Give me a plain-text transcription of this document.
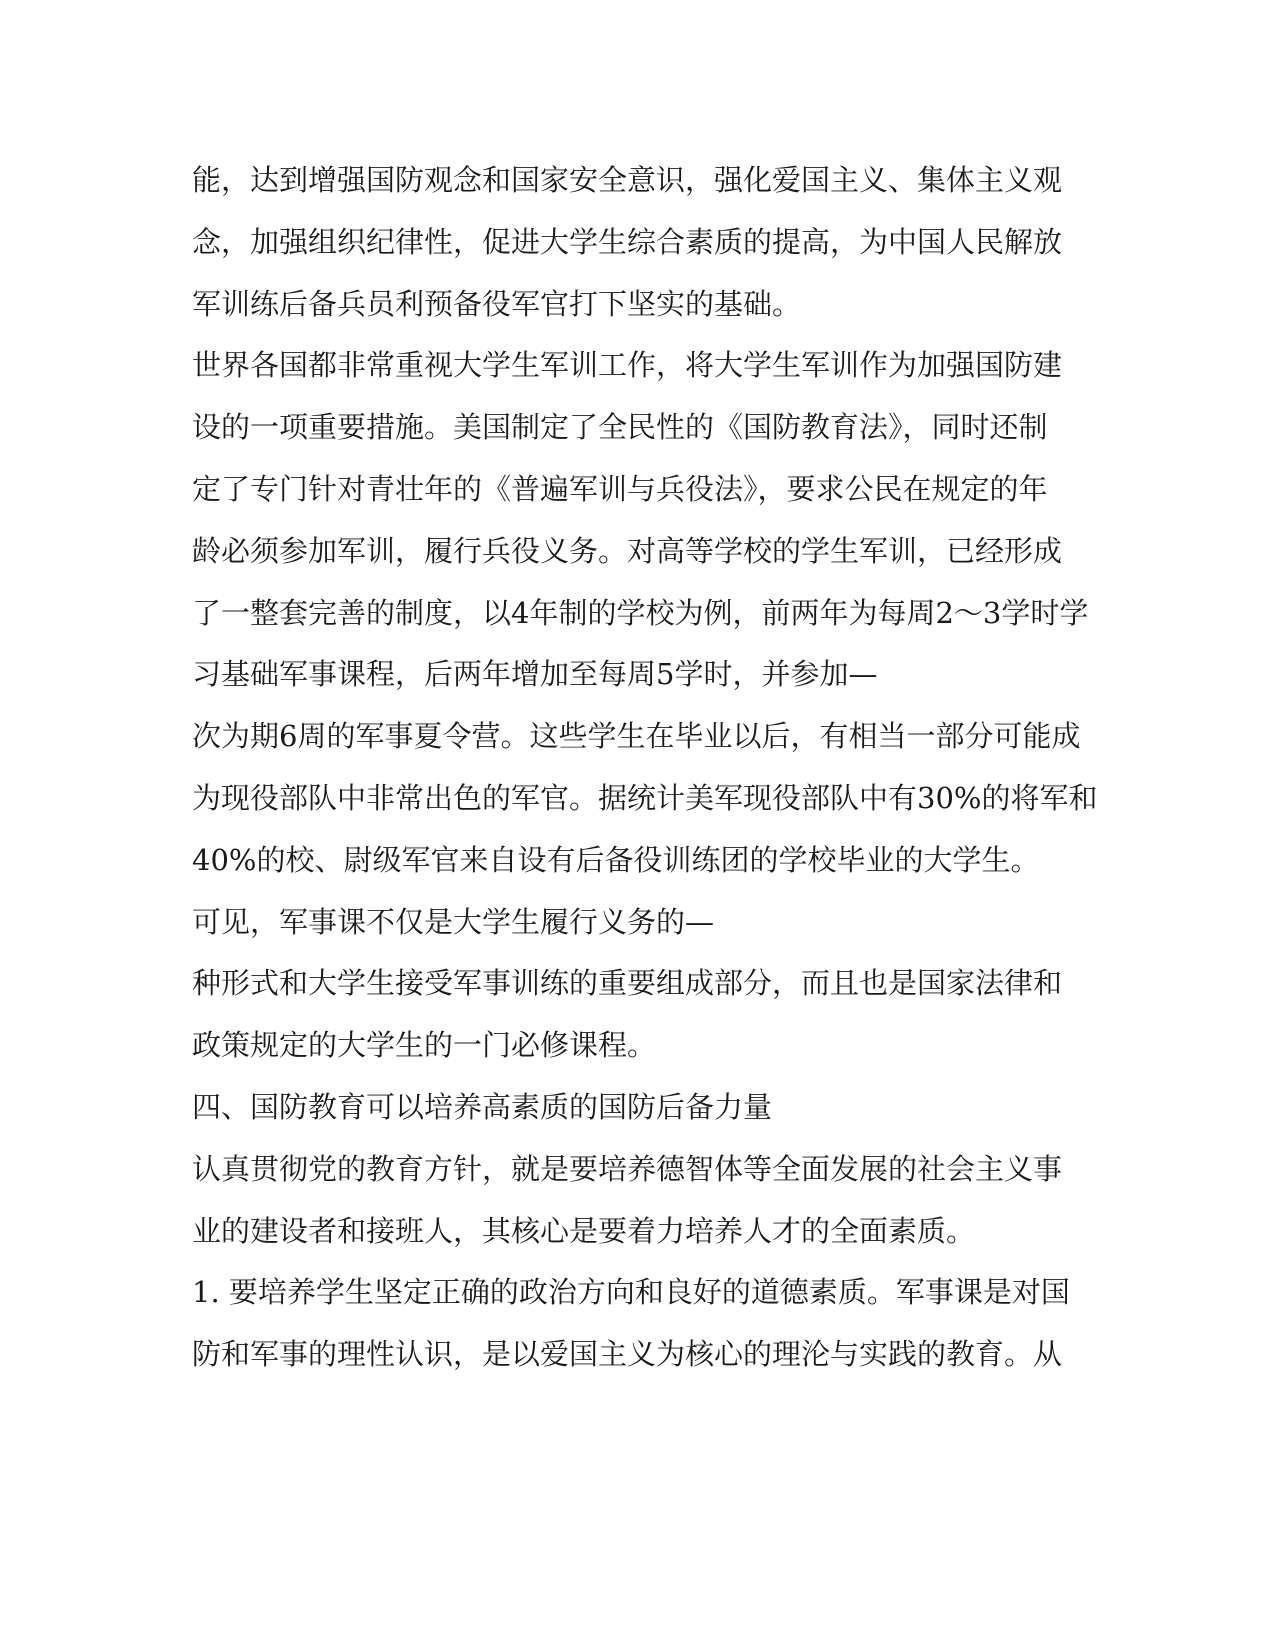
能，达到增强国防观念和国家安全意识，强化爱国主义、集体主义观

念，加强组织纪律性，促进大学生综合素质的提高，为中国人民解放

军训练后备兵员利预备役军官打下坚实的基础。

世界各国都非常重视大学生军训工作，将大学生军训作为加强国防建

设的一项重要措施。美国制定了全民性的《国防教育法》，同时还制

定了专门针对青壮年的《普遍军训与兵役法》，要求公民在规定的年

龄必须参加军训，履行兵役义务。对高等学校的学生军训，已经形成

了一整套完善的制度，以4年制的学校为例，前两年为每周2～3学时学

习基础军事课程，后两年增加至每周5学时，并参加—

次为期6周的军事夏令营。这些学生在毕业以后，有相当一部分可能成

为现役部队中非常出色的军官。据统计美军现役部队中有30%的将军和

40%的校、尉级军官来自设有后备役训练团的学校毕业的大学生。

可见，军事课不仅是大学生履行义务的—

种形式和大学生接受军事训练的重要组成部分，而且也是国家法律和

政策规定的大学生的一门必修课程。

四、国防教育可以培养高素质的国防后备力量

认真贯彻党的教育方针，就是要培养德智体等全面发展的社会主义事

业的建设者和接班人，其核心是要着力培养人才的全面素质。

1. 要培养学生坚定正确的政治方向和良好的道德素质。军事课是对国

防和军事的理性认识，是以爱国主义为核心的理沦与实践的教育。从
